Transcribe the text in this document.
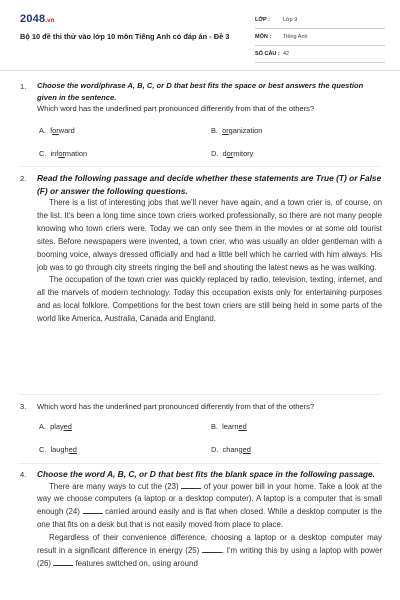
2048.vn
Bộ 10 đề thi thử vào lớp 10 môn Tiếng Anh có đáp án - Đề 3
LỚP : Lớp 9
MÔN : Tiếng Anh
SỐ CÂU : 42
1.	Choose the word/phrase A, B, C, or D that best fits the space or best answers the question given in the sentence.
Which word has the underlined part pronounced differently from that of the others?
A. forward	B. organization
C. information	D. dormitory
2.	Read the following passage and decide whether these statements are True (T) or False (F) or answer the following questions.

There is a list of interesting jobs that we'll never have again, and a town crier is, of course, on the list. It's been a long time since town criers worked professionally, so there are not many people knowing who town criers were. Today we can only see them in the movies or at some old tourist sites. Before newspapers were invented, a town crier, who was usually an older gentleman with a booming voice, always dressed officially and had a little bell which he carried with him always. His job was to go through city streets ringing the bell and shouting the latest news as he was walking.

The occupation of the town crier was quickly replaced by radio, television, texting, internet, and all the marvels of modern technology. Today this occupation exists only for entertaining purposes and as local folklore. Competitions for the best town criers are still being held in some parts of the world like America, Australia, Canada and England.

3.	Which word has the underlined part pronounced differently from that of the others?
A. played	B. learned
C. laughed	D. changed
4.	Choose the word A, B, C, or D that best fits the blank space in the following passage.

There are many ways to cut the (23)	of your power bill in your home. Take a look at the way we choose computers (a laptop or a desktop computer). A laptop is a computer that is small enough (24)	carried around easily and is flat when closed. While a desktop computer is the one that fits on a desk but that is not easily moved from place to place.

Regardless of their convenience difference, choosing a laptop or a desktop computer may result in a significant difference in energy (25)	. I'm writing this by using a laptop with power (26)	features switched on, using around
